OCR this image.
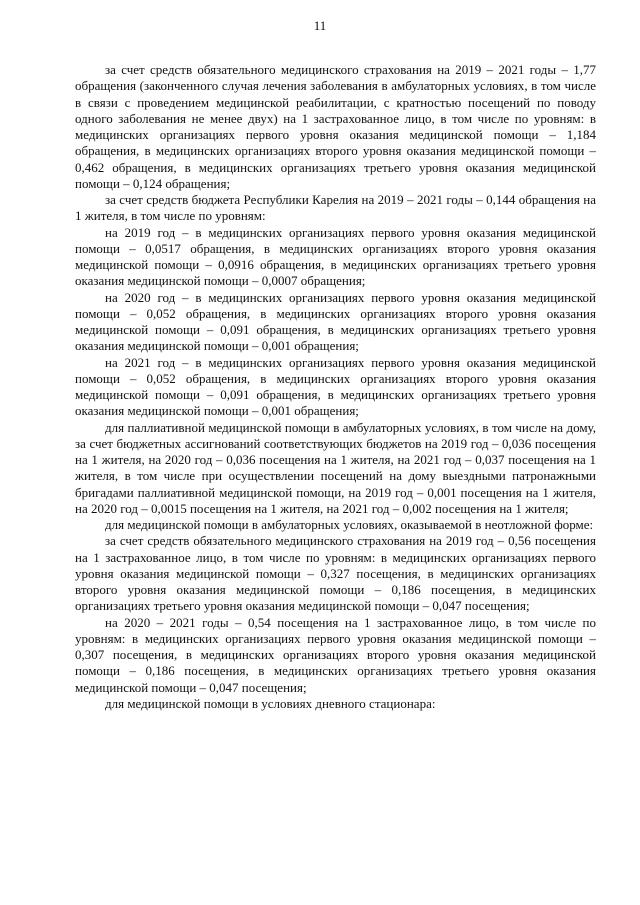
11

за счет средств обязательного медицинского страхования на 2019 – 2021 годы – 1,77 обращения (законченного случая лечения заболевания в амбулаторных условиях, в том числе в связи с проведением медицинской реабилитации, с кратностью посещений по поводу одного заболевания не менее двух) на 1 застрахованное лицо, в том числе по уровням: в медицинских организациях первого уровня оказания медицинской помощи – 1,184 обращения, в медицинских организациях второго уровня оказания медицинской помощи – 0,462 обращения, в медицинских организациях третьего уровня оказания медицинской помощи – 0,124 обращения;

за счет средств бюджета Республики Карелия на 2019 – 2021 годы – 0,144 обращения на 1 жителя, в том числе по уровням:

на 2019 год – в медицинских организациях первого уровня оказания медицинской помощи – 0,0517 обращения, в медицинских организациях второго уровня оказания медицинской помощи – 0,0916 обращения, в медицинских организациях третьего уровня оказания медицинской помощи – 0,0007 обращения;

на 2020 год – в медицинских организациях первого уровня оказания медицинской помощи – 0,052 обращения, в медицинских организациях второго уровня оказания медицинской помощи – 0,091 обращения, в медицинских организациях третьего уровня оказания медицинской помощи – 0,001 обращения;

на 2021 год – в медицинских организациях первого уровня оказания медицинской помощи – 0,052 обращения, в медицинских организациях второго уровня оказания медицинской помощи – 0,091 обращения, в медицинских организациях третьего уровня оказания медицинской помощи – 0,001 обращения;

для паллиативной медицинской помощи в амбулаторных условиях, в том числе на дому, за счет бюджетных ассигнований соответствующих бюджетов на 2019 год – 0,036 посещения на 1 жителя, на 2020 год – 0,036 посещения на 1 жителя, на 2021 год – 0,037 посещения на 1 жителя, в том числе при осуществлении посещений на дому выездными патронажными бригадами паллиативной медицинской помощи, на 2019 год – 0,001 посещения на 1 жителя, на 2020 год – 0,0015 посещения на 1 жителя, на 2021 год – 0,002 посещения на 1 жителя;

для медицинской помощи в амбулаторных условиях, оказываемой в неотложной форме:

за счет средств обязательного медицинского страхования на 2019 год – 0,56 посещения на 1 застрахованное лицо, в том числе по уровням: в медицинских организациях первого уровня оказания медицинской помощи – 0,327 посещения, в медицинских организациях второго уровня оказания медицинской помощи – 0,186 посещения, в медицинских организациях третьего уровня оказания медицинской помощи – 0,047 посещения;

на 2020 – 2021 годы – 0,54 посещения на 1 застрахованное лицо, в том числе по уровням: в медицинских организациях первого уровня оказания медицинской помощи – 0,307 посещения, в медицинских организациях второго уровня оказания медицинской помощи – 0,186 посещения, в медицинских организациях третьего уровня оказания медицинской помощи – 0,047 посещения;

для медицинской помощи в условиях дневного стационара:
